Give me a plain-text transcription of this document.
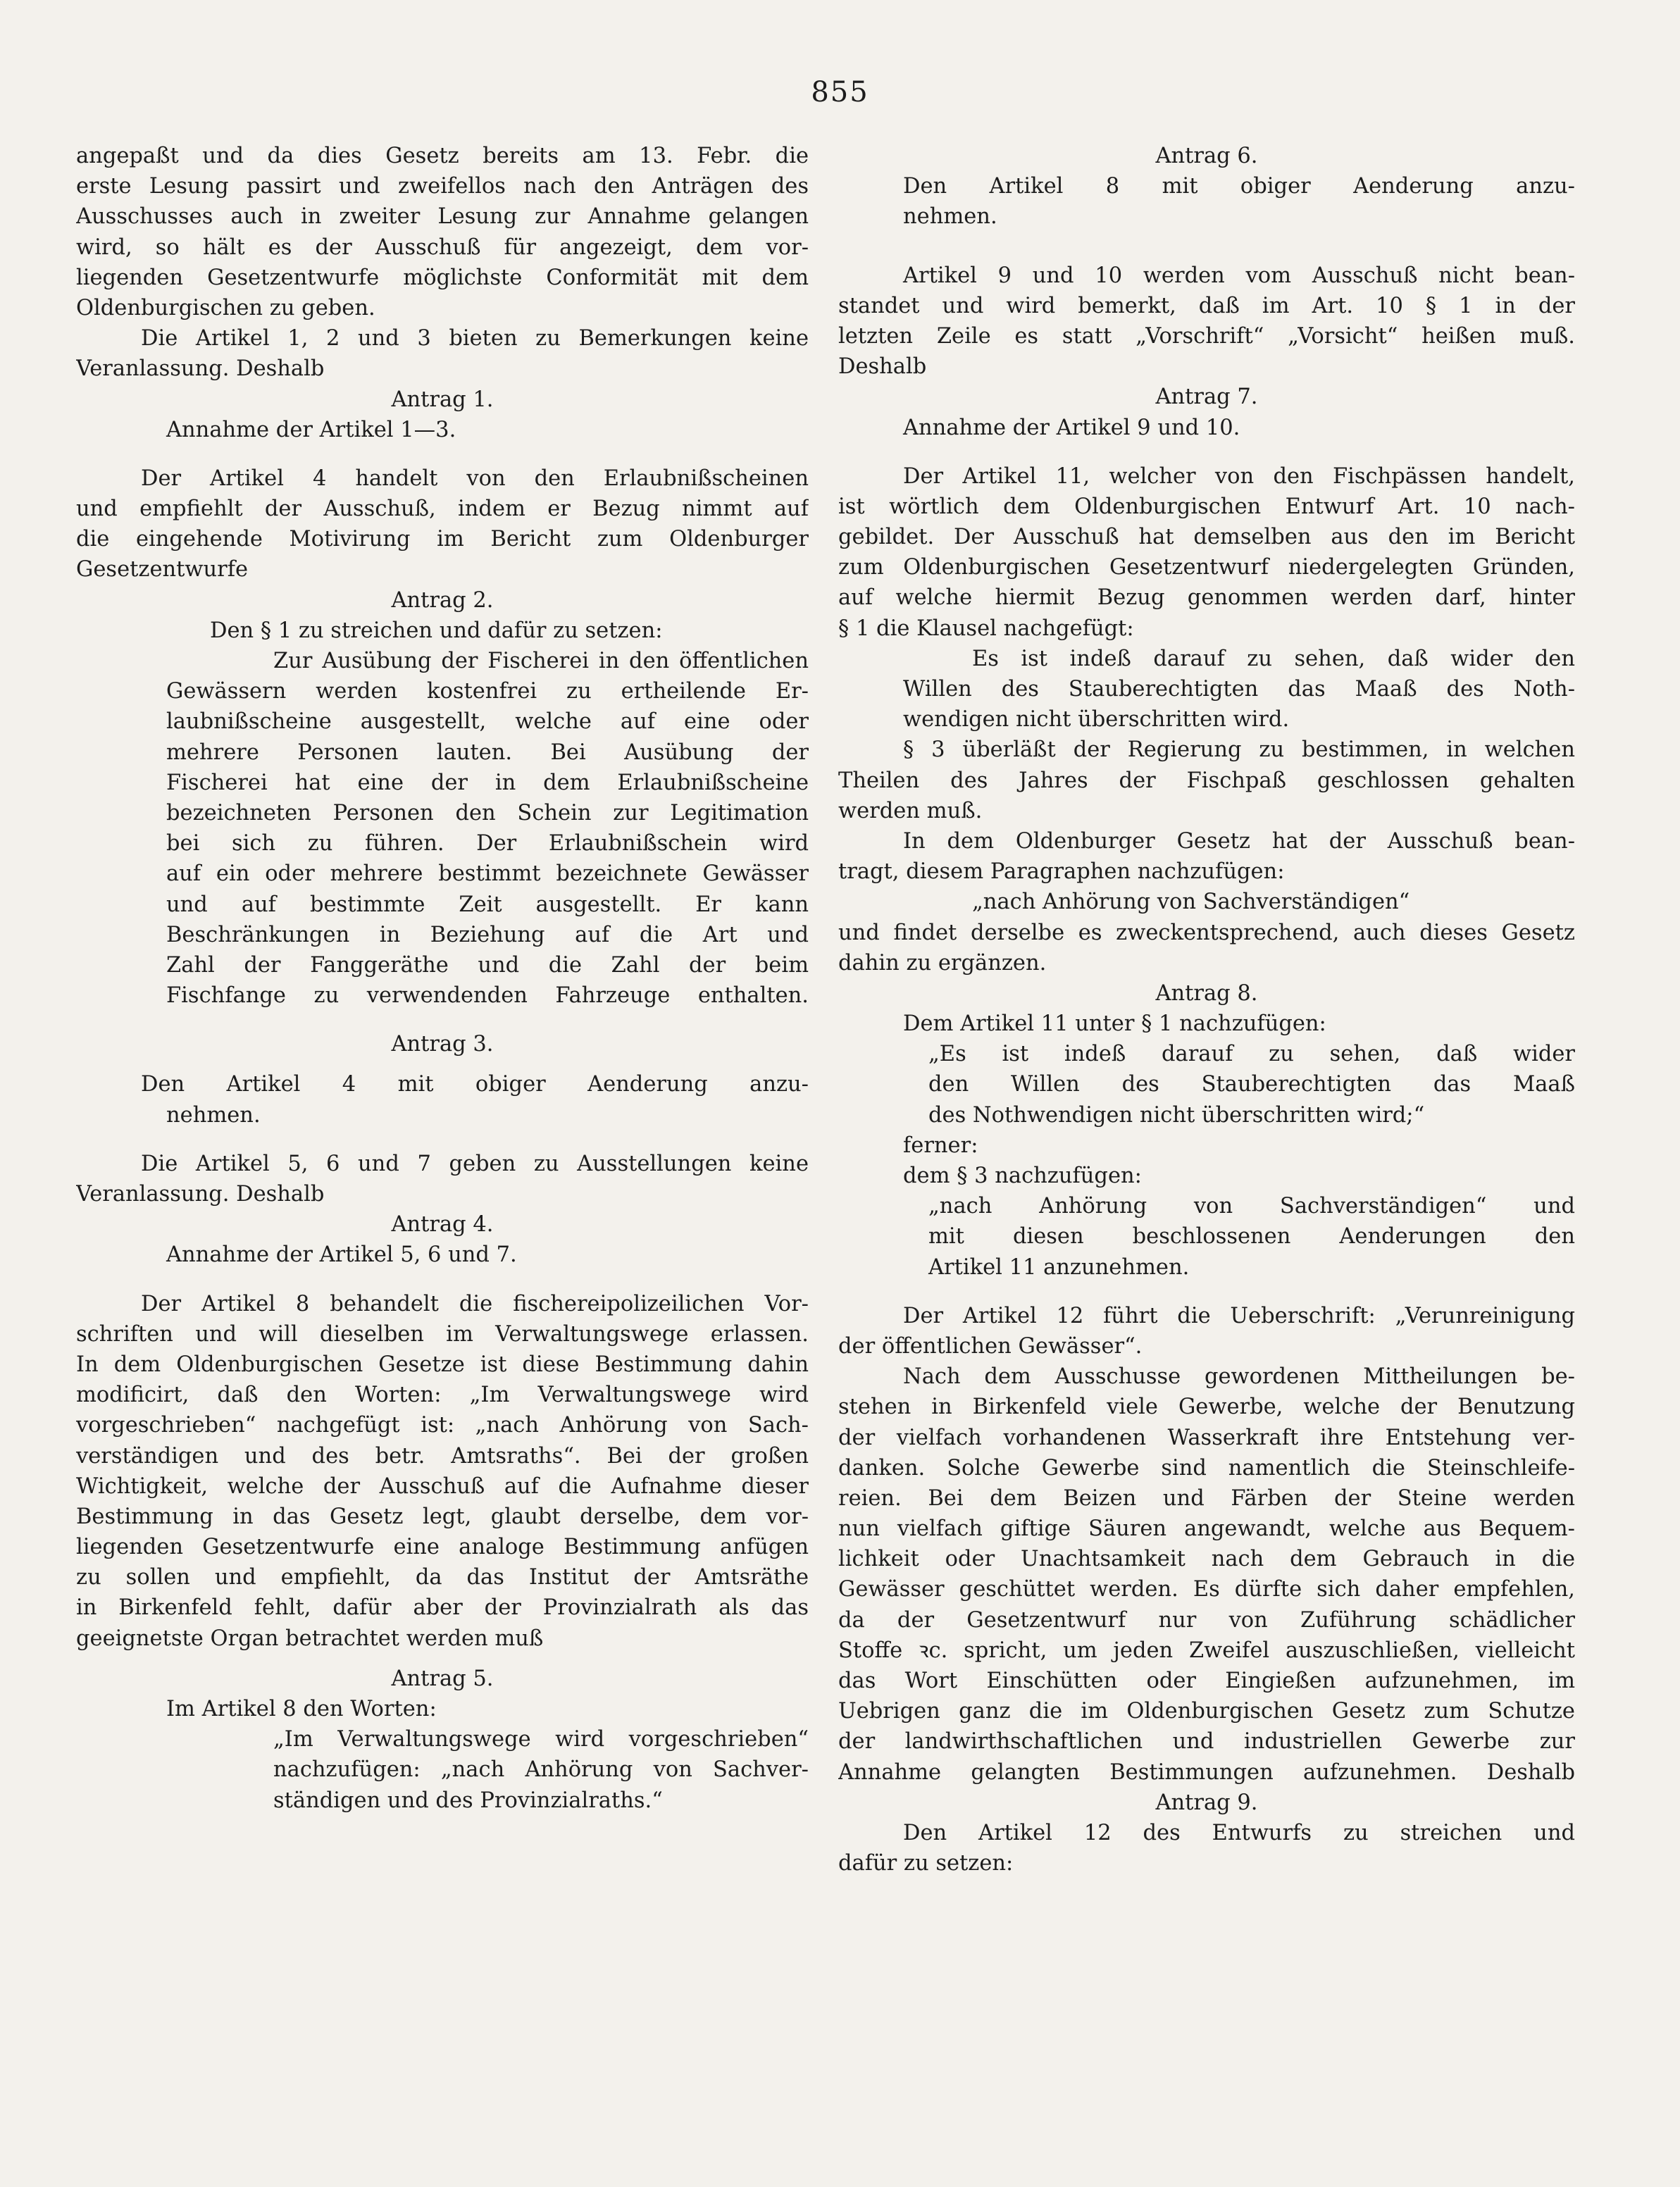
855
angepaßt und da dies Gesetz bereits am 13. Febr. die
erste Lesung passirt und zweifellos nach den Anträgen des
Ausschusses auch in zweiter Lesung zur Annahme gelangen
wird, so hält es der Ausschuß für angezeigt, dem vor-
liegenden Gesetzentwurfe möglichste Conformität mit dem
Oldenburgischen zu geben.
Die Artikel 1, 2 und 3 bieten zu Bemerkungen keine
Veranlassung. Deshalb
Antrag 1.
Annahme der Artikel 1—3.
Der Artikel 4 handelt von den Erlaubnißscheinen
und empfiehlt der Ausschuß, indem er Bezug nimmt auf
die eingehende Motivirung im Bericht zum Oldenburger
Gesetzentwurfe
Antrag 2.
Den § 1 zu streichen und dafür zu setzen:
Zur Ausübung der Fischerei in den öffentlichen
Gewässern werden kostenfrei zu ertheilende Er-
laubnißscheine ausgestellt, welche auf eine oder
mehrere Personen lauten. Bei Ausübung der
Fischerei hat eine der in dem Erlaubnißscheine
bezeichneten Personen den Schein zur Legitimation
bei sich zu führen. Der Erlaubnißschein wird
auf ein oder mehrere bestimmt bezeichnete Gewässer
und auf bestimmte Zeit ausgestellt. Er kann
Beschränkungen in Beziehung auf die Art und
Zahl der Fanggeräthe und die Zahl der beim
Fischfange zu verwendenden Fahrzeuge enthalten.
Antrag 3.
Den Artikel 4 mit obiger Aenderung anzu-
nehmen.
Die Artikel 5, 6 und 7 geben zu Ausstellungen keine
Veranlassung. Deshalb
Antrag 4.
Annahme der Artikel 5, 6 und 7.
Der Artikel 8 behandelt die fischereipolizeilichen Vor-
schriften und will dieselben im Verwaltungswege erlassen.
In dem Oldenburgischen Gesetze ist diese Bestimmung dahin
modificirt, daß den Worten: „Im Verwaltungswege wird
vorgeschrieben“ nachgefügt ist: „nach Anhörung von Sach-
verständigen und des betr. Amtsraths“. Bei der großen
Wichtigkeit, welche der Ausschuß auf die Aufnahme dieser
Bestimmung in das Gesetz legt, glaubt derselbe, dem vor-
liegenden Gesetzentwurfe eine analoge Bestimmung anfügen
zu sollen und empfiehlt, da das Institut der Amtsräthe
in Birkenfeld fehlt, dafür aber der Provinzialrath als das
geeignetste Organ betrachtet werden muß
Antrag 5.
Im Artikel 8 den Worten:
„Im Verwaltungswege wird vorgeschrieben“
nachzufügen: „nach Anhörung von Sachver-
ständigen und des Provinzialraths.“
Antrag 6.
Den Artikel 8 mit obiger Aenderung anzu-
nehmen.
Artikel 9 und 10 werden vom Ausschuß nicht bean-
standet und wird bemerkt, daß im Art. 10 § 1 in der
letzten Zeile es statt „Vorschrift“ „Vorsicht“ heißen muß.
Deshalb
Antrag 7.
Annahme der Artikel 9 und 10.
Der Artikel 11, welcher von den Fischpässen handelt,
ist wörtlich dem Oldenburgischen Entwurf Art. 10 nach-
gebildet. Der Ausschuß hat demselben aus den im Bericht
zum Oldenburgischen Gesetzentwurf niedergelegten Gründen,
auf welche hiermit Bezug genommen werden darf, hinter
§ 1 die Klausel nachgefügt:
Es ist indeß darauf zu sehen, daß wider den
Willen des Stauberechtigten das Maaß des Noth-
wendigen nicht überschritten wird.
§ 3 überläßt der Regierung zu bestimmen, in welchen
Theilen des Jahres der Fischpaß geschlossen gehalten
werden muß.
In dem Oldenburger Gesetz hat der Ausschuß bean-
tragt, diesem Paragraphen nachzufügen:
„nach Anhörung von Sachverständigen“
und findet derselbe es zweckentsprechend, auch dieses Gesetz
dahin zu ergänzen.
Antrag 8.
Dem Artikel 11 unter § 1 nachzufügen:
„Es ist indeß darauf zu sehen, daß wider
den Willen des Stauberechtigten das Maaß
des Nothwendigen nicht überschritten wird;“
ferner:
dem § 3 nachzufügen:
„nach Anhörung von Sachverständigen“ und
mit diesen beschlossenen Aenderungen den
Artikel 11 anzunehmen.
Der Artikel 12 führt die Ueberschrift: „Verunreinigung
der öffentlichen Gewässer“.
Nach dem Ausschusse gewordenen Mittheilungen be-
stehen in Birkenfeld viele Gewerbe, welche der Benutzung
der vielfach vorhandenen Wasserkraft ihre Entstehung ver-
danken. Solche Gewerbe sind namentlich die Steinschleife-
reien. Bei dem Beizen und Färben der Steine werden
nun vielfach giftige Säuren angewandt, welche aus Bequem-
lichkeit oder Unachtsamkeit nach dem Gebrauch in die
Gewässer geschüttet werden. Es dürfte sich daher empfehlen,
da der Gesetzentwurf nur von Zuführung schädlicher
Stoffe ꝛc. spricht, um jeden Zweifel auszuschließen, vielleicht
das Wort Einschütten oder Eingießen aufzunehmen, im
Uebrigen ganz die im Oldenburgischen Gesetz zum Schutze
der landwirthschaftlichen und industriellen Gewerbe zur
Annahme gelangten Bestimmungen aufzunehmen. Deshalb
Antrag 9.
Den Artikel 12 des Entwurfs zu streichen und
dafür zu setzen:
